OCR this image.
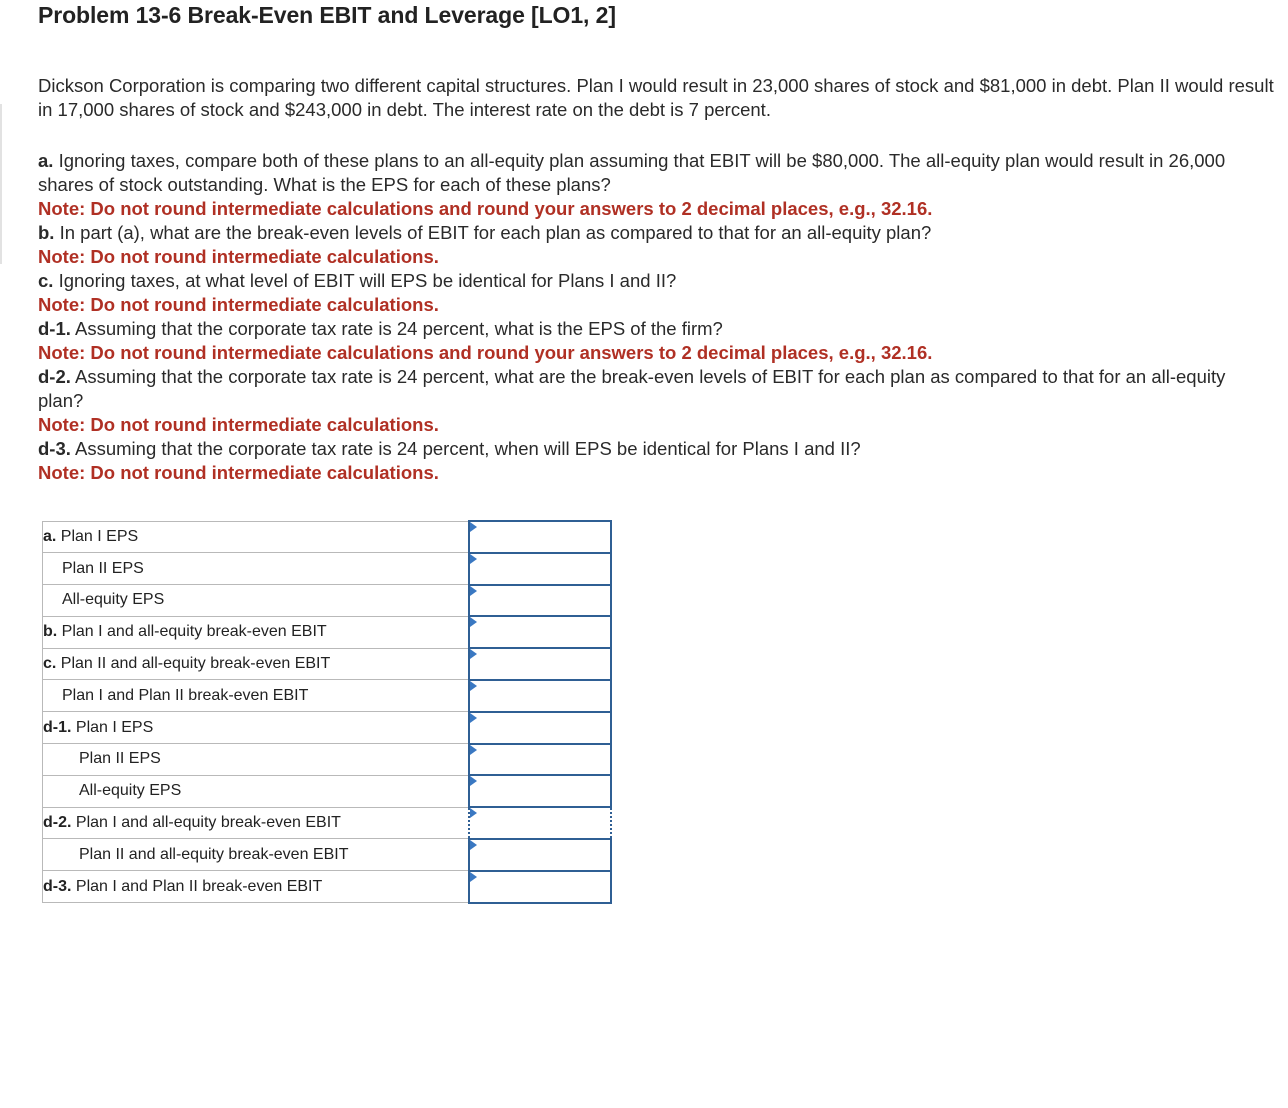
Problem 13-6 Break-Even EBIT and Leverage [LO1, 2]

Dickson Corporation is comparing two different capital structures. Plan I would result in 23,000 shares of stock and $81,000 in debt. Plan II would result in 17,000 shares of stock and $243,000 in debt. The interest rate on the debt is 7 percent.

a. Ignoring taxes, compare both of these plans to an all-equity plan assuming that EBIT will be $80,000. The all-equity plan would result in 26,000 shares of stock outstanding. What is the EPS for each of these plans?
Note: Do not round intermediate calculations and round your answers to 2 decimal places, e.g., 32.16.
b. In part (a), what are the break-even levels of EBIT for each plan as compared to that for an all-equity plan?
Note: Do not round intermediate calculations.
c. Ignoring taxes, at what level of EBIT will EPS be identical for Plans I and II?
Note: Do not round intermediate calculations.
d-1. Assuming that the corporate tax rate is 24 percent, what is the EPS of the firm?
Note: Do not round intermediate calculations and round your answers to 2 decimal places, e.g., 32.16.
d-2. Assuming that the corporate tax rate is 24 percent, what are the break-even levels of EBIT for each plan as compared to that for an all-equity plan?
Note: Do not round intermediate calculations.
d-3. Assuming that the corporate tax rate is 24 percent, when will EPS be identical for Plans I and II?
Note: Do not round intermediate calculations.
a. Plan I EPS	

Plan II EPS	

All-equity EPS	

b. Plan I and all-equity break-even EBIT	

c. Plan II and all-equity break-even EBIT	

Plan I and Plan II break-even EBIT	

d-1. Plan I EPS	

Plan II EPS	

All-equity EPS	

d-2. Plan I and all-equity break-even EBIT	

Plan II and all-equity break-even EBIT	

d-3. Plan I and Plan II break-even EBIT	
